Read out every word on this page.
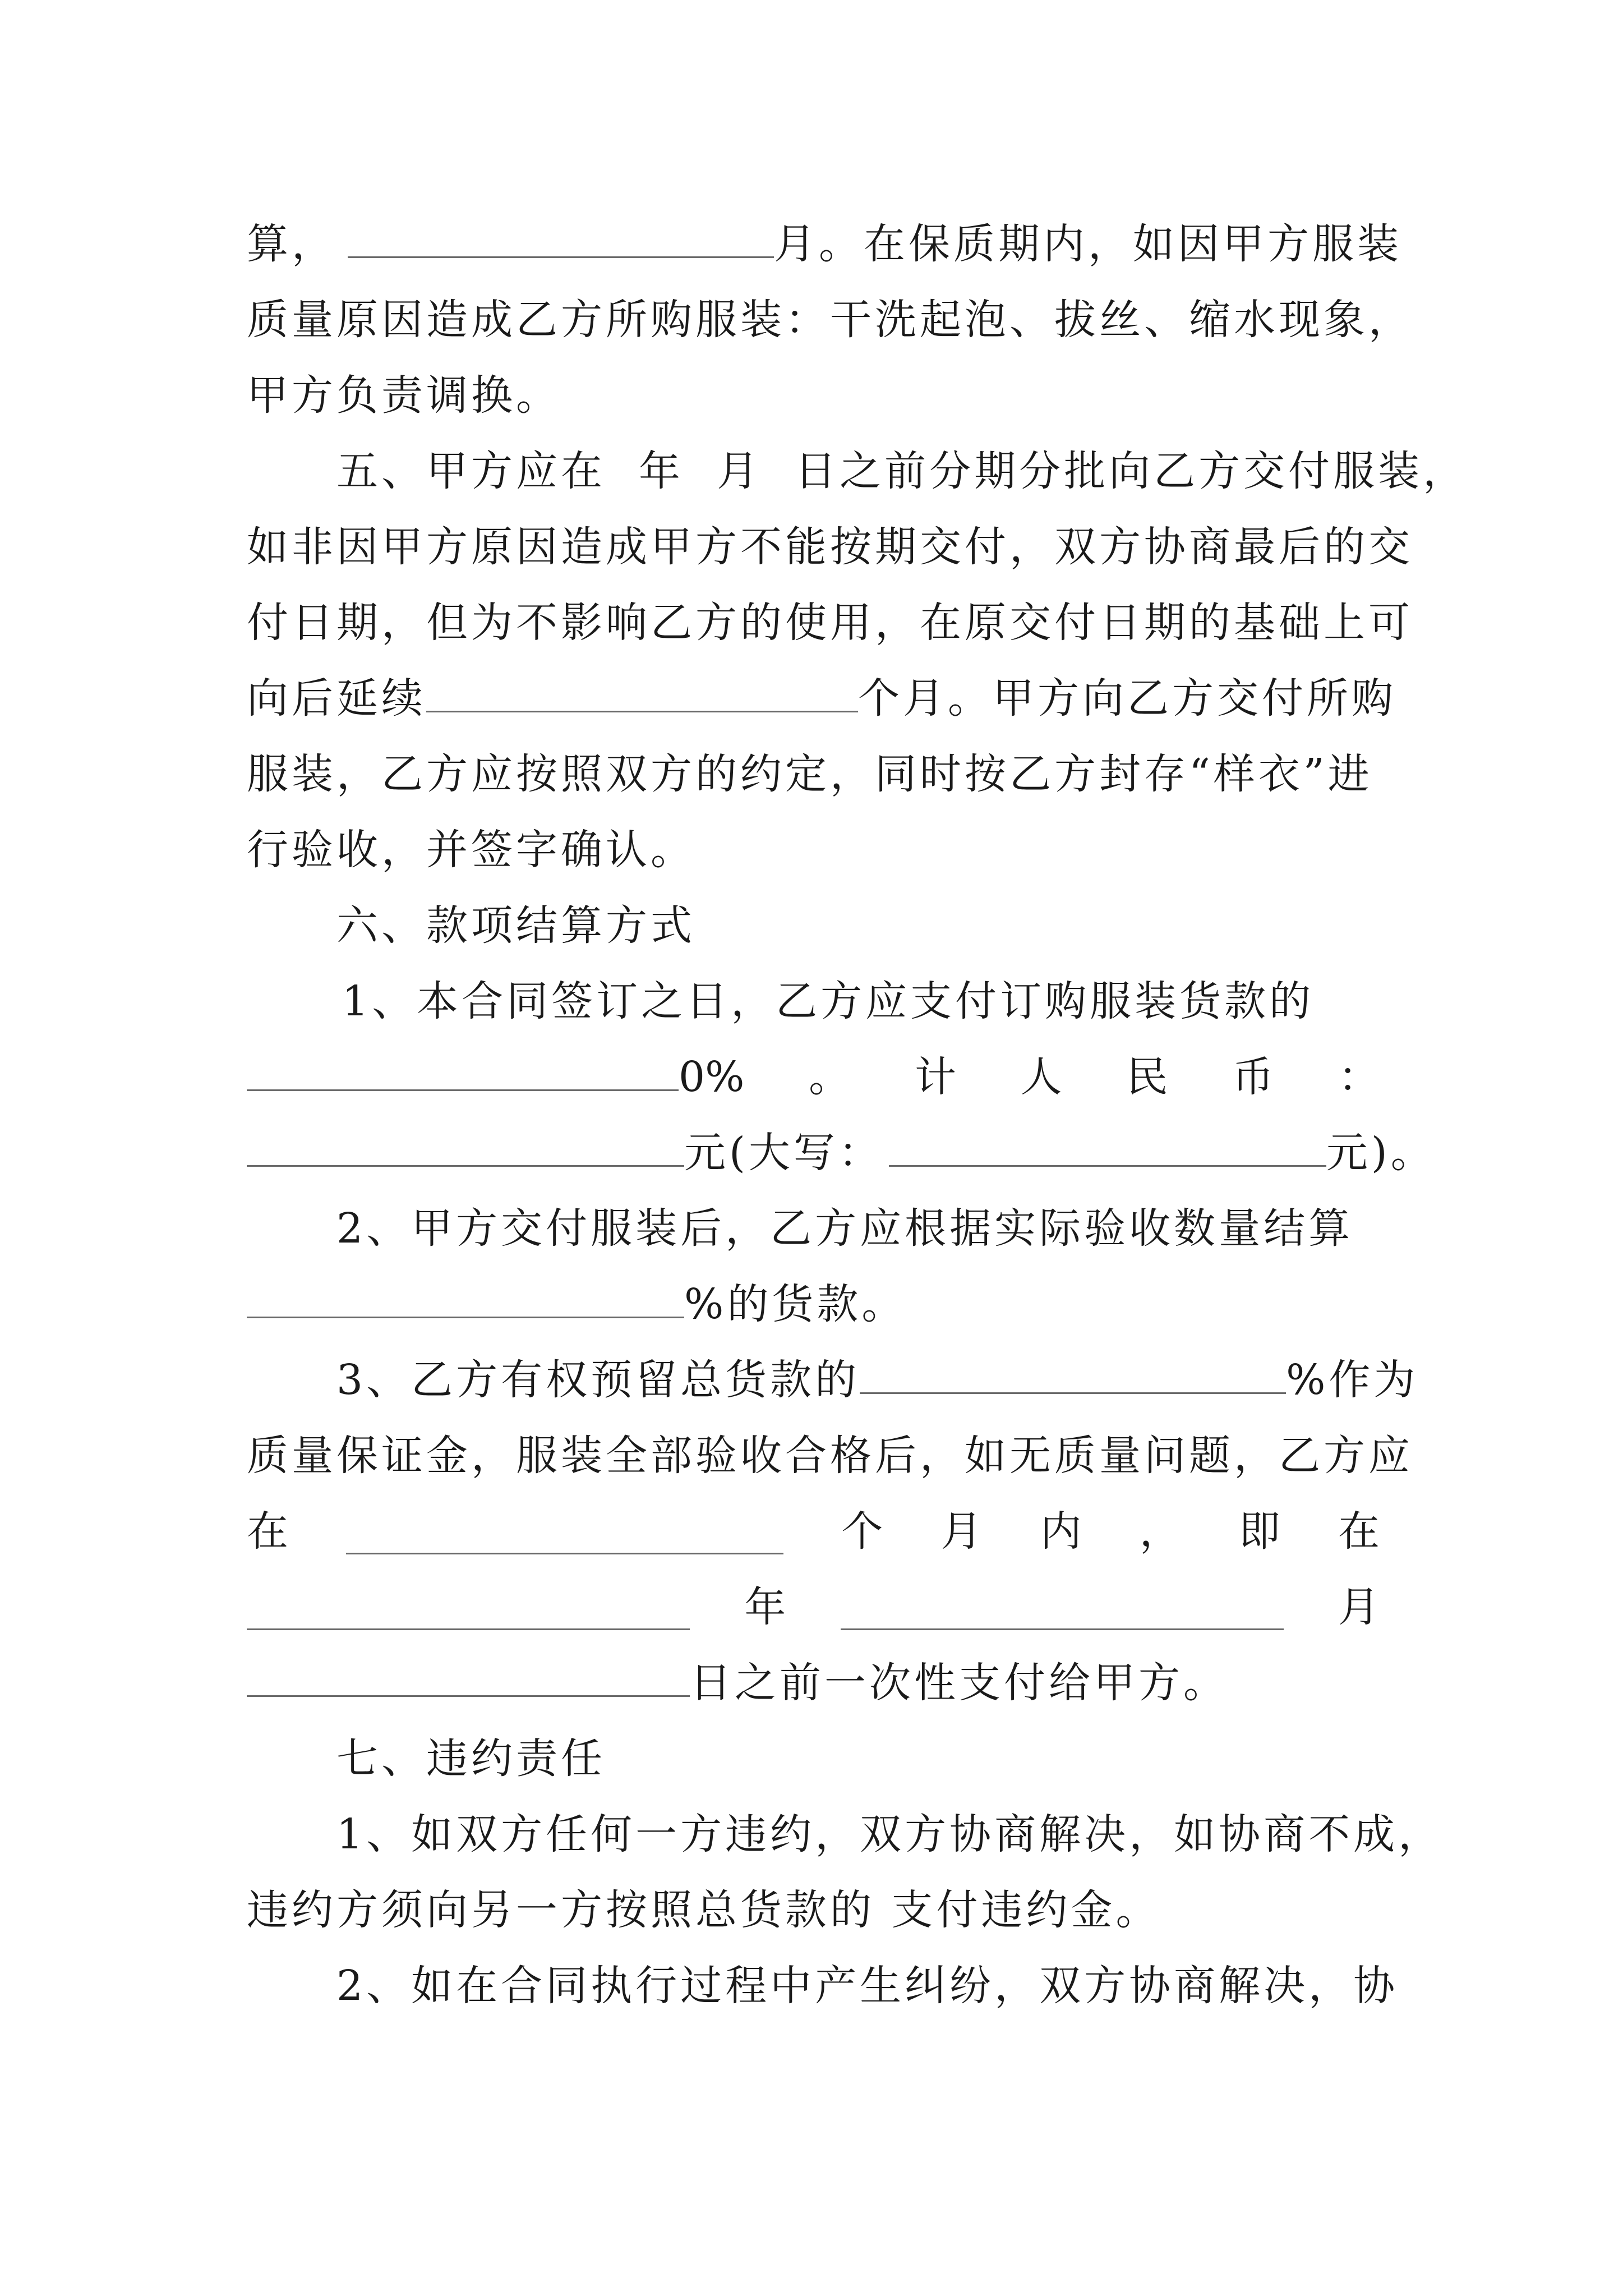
算，	月。在保质期内，如因甲方服装
质量原因造成乙方所购服装：干洗起泡、拔丝、缩水现象，
甲方负责调换。
五、甲方应在  年  月  日之前分期分批向乙方交付服装，
如非因甲方原因造成甲方不能按期交付，双方协商最后的交
付日期，但为不影响乙方的使用，在原交付日期的基础上可
向后延续	个月。甲方向乙方交付所购
服装，乙方应按照双方的约定，同时按乙方封存“样衣”进
行验收，并签字确认。
六、款项结算方式
1、本合同签订之日，乙方应支付订购服装货款的
0% 。 计 人 民 币 ：
元(大写：	元)。
2、甲方交付服装后，乙方应根据实际验收数量结算
%的货款。
3、乙方有权预留总货款的	%作为
质量保证金，服装全部验收合格后，如无质量问题，乙方应
在	个 月 内 ， 即 在
年	月
日之前一次性支付给甲方。
七、违约责任
1、如双方任何一方违约，双方协商解决，如协商不成，
违约方须向另一方按照总货款的 支付违约金。
2、如在合同执行过程中产生纠纷，双方协商解决，协
